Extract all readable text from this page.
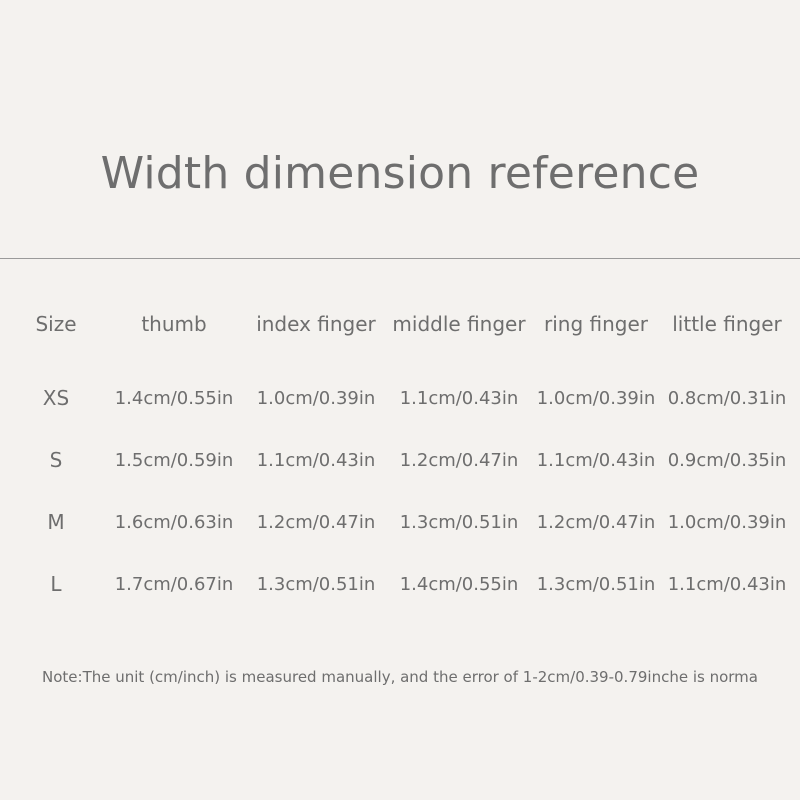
Width dimension reference
Size	thumb	index finger	middle finger	ring finger	little finger
XS	1.4cm/0.55in	1.0cm/0.39in	1.1cm/0.43in	1.0cm/0.39in	0.8cm/0.31in
S	1.5cm/0.59in	1.1cm/0.43in	1.2cm/0.47in	1.1cm/0.43in	0.9cm/0.35in
M	1.6cm/0.63in	1.2cm/0.47in	1.3cm/0.51in	1.2cm/0.47in	1.0cm/0.39in
L	1.7cm/0.67in	1.3cm/0.51in	1.4cm/0.55in	1.3cm/0.51in	1.1cm/0.43in
Note:The unit (cm/inch) is measured manually, and the error of 1-2cm/0.39-0.79inche is norma
